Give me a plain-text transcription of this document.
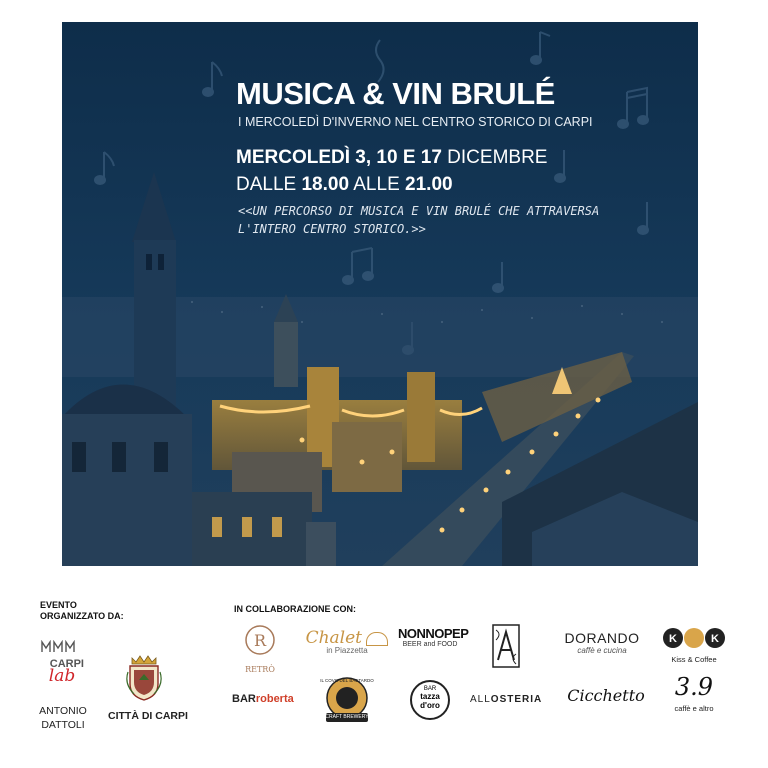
MUSICA & VIN BRULÉ
I MERCOLEDÌ D'INVERNO NEL CENTRO STORICO DI CARPI
MERCOLEDÌ 3, 10 E 17 DICEMBRE
DALLE 18.00 ALLE 21.00
<<UN PERCORSO DI MUSICA E VIN BRULÉ CHE ATTRAVERSA
L'INTERO CENTRO STORICO.>>
EVENTO
ORGANIZZATO DA:
IN COLLABORAZIONE CON:
CARPI
lab
ANTONIO
DATTOLI
CITTÀ DI CARPI
R
RETRÒ
Chalet
in Piazzetta
NONNOPEP
BEER and FOOD	DORANDO
caffè e cucina
K	K
Kiss & Coffee
BARroberta
IL COVO DEL BASTARDO
CRAFT BREWERY
BAR
tazza d'oro
ALLOSTERIA Cicchetto	3.9
caffè e altro
